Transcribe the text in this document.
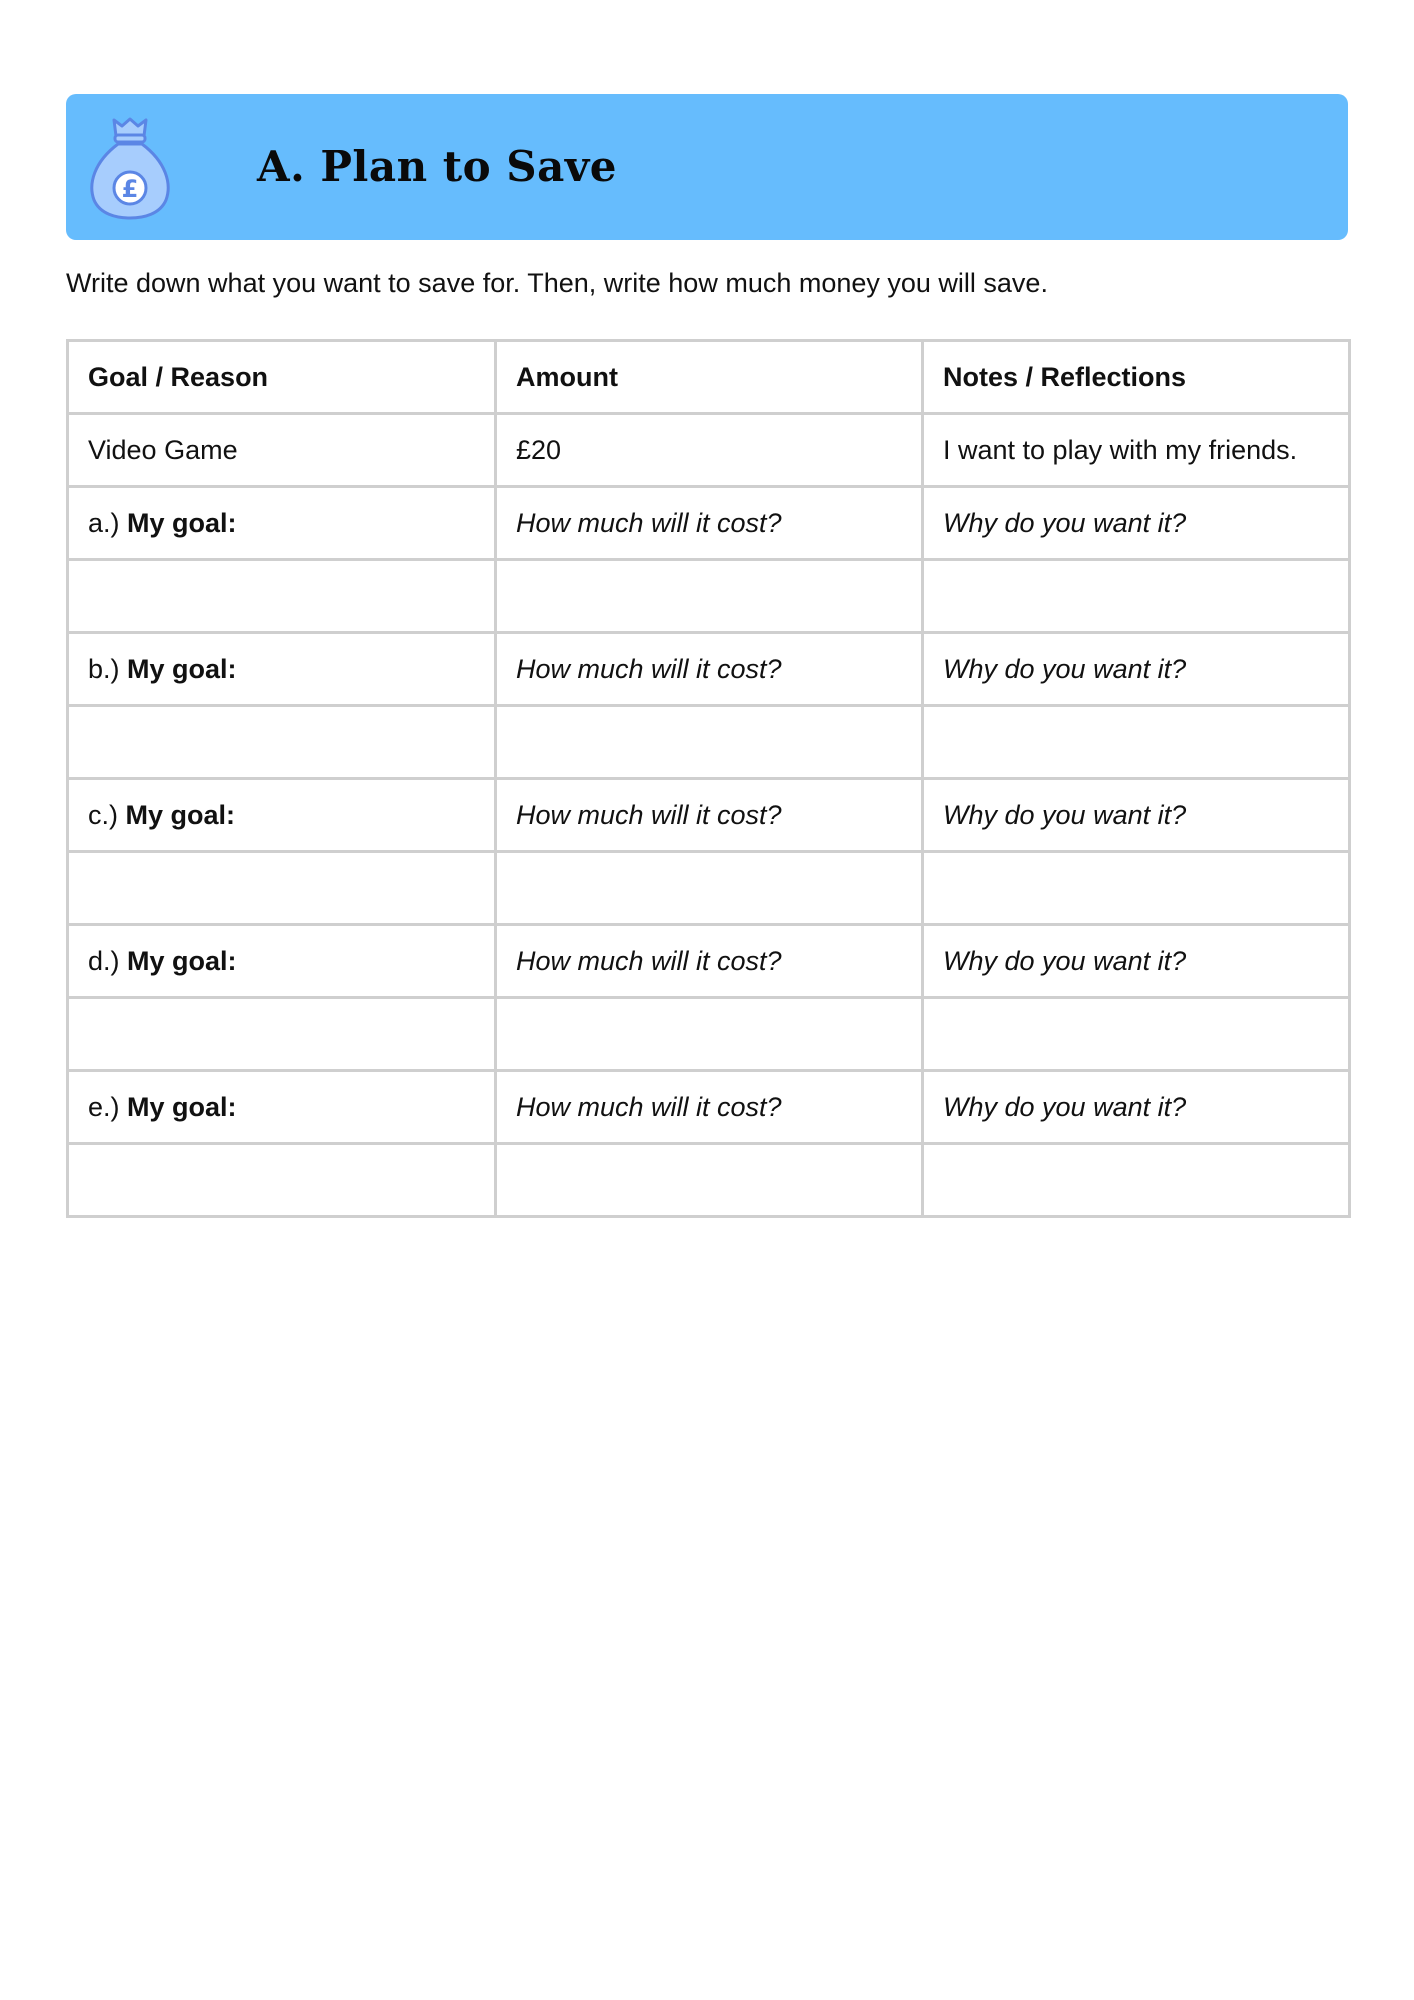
£	A. Plan to Save

Write down what you want to save for. Then, write how much money you will save.

Goal / Reason	Amount	Notes / Reflections
Video Game	£20	I want to play with my friends.
a.) My goal:	How much will it cost?	Why do you want it?

b.) My goal:	How much will it cost?	Why do you want it?

c.) My goal:	How much will it cost?	Why do you want it?

d.) My goal:	How much will it cost?	Why do you want it?

e.) My goal:	How much will it cost?	Why do you want it?
